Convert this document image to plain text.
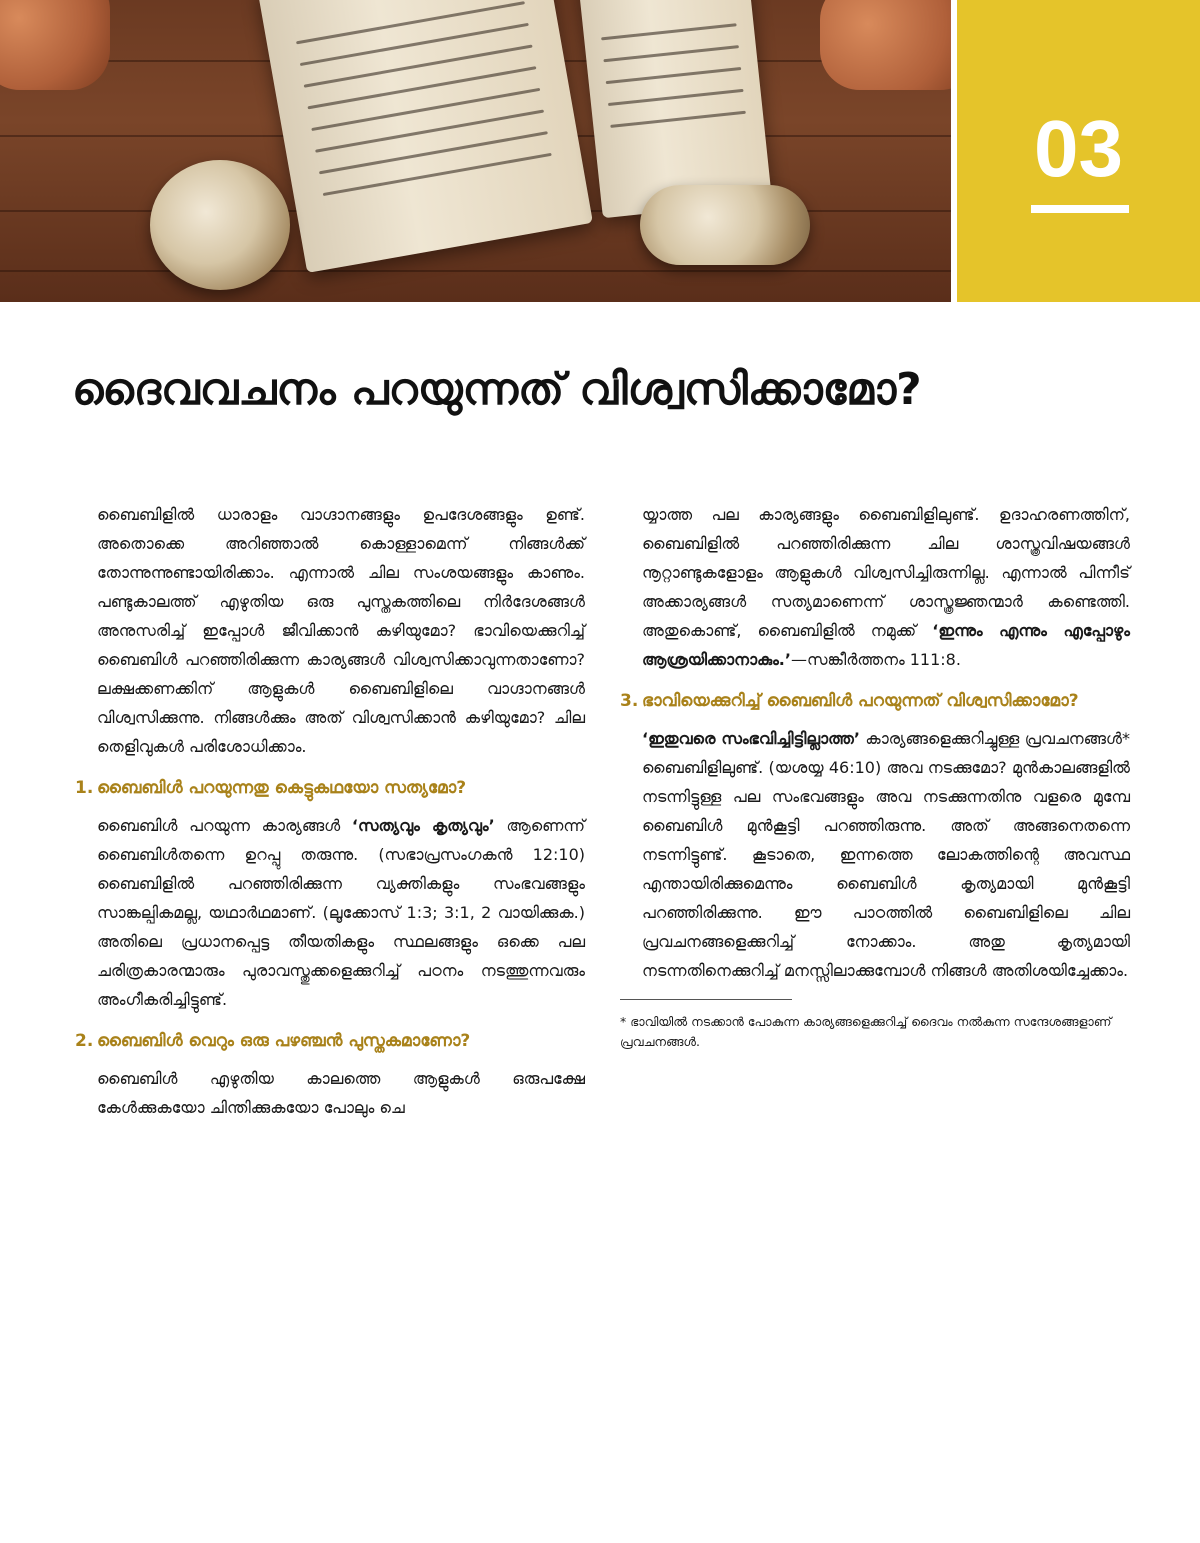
03
ദൈവവചനം പറയുന്നത് വിശ്വസിക്കാമോ?

ബൈബിളിൽ ധാരാളം വാഗ്ദാനങ്ങളും ഉപദേശങ്ങളും ഉണ്ട്. അതൊക്കെ അറിഞ്ഞാൽ കൊള്ളാമെന്ന് നിങ്ങൾക്ക് തോന്നുന്നുണ്ടായിരിക്കാം. എന്നാൽ ചില സംശയങ്ങളും കാണും. പണ്ടുകാലത്ത് എഴുതിയ ഒരു പുസ്തകത്തിലെ നിർദേശങ്ങൾ അനുസരിച്ച് ഇപ്പോൾ ജീവിക്കാൻ കഴിയുമോ? ഭാവിയെക്കുറിച്ച് ബൈബിൾ പറഞ്ഞിരിക്കുന്ന കാര്യങ്ങൾ വിശ്വസിക്കാവുന്നതാണോ? ലക്ഷക്കണക്കിന് ആളുകൾ ബൈബിളിലെ വാഗ്ദാനങ്ങൾ വിശ്വസിക്കുന്നു. നിങ്ങൾക്കും അത് വിശ്വസിക്കാൻ കഴിയുമോ? ചില തെളിവുകൾ പരിശോധിക്കാം.

1. ബൈബിൾ പറയുന്നതു കെട്ടുകഥയോ സത്യമോ?

ബൈബിൾ പറയുന്ന കാര്യങ്ങൾ ‘സത്യവും കൃത്യവും’ ആണെന്ന് ബൈബിൾതന്നെ ഉറപ്പു തരുന്നു. (സഭാപ്രസംഗകൻ 12:10) ബൈബിളിൽ പറഞ്ഞിരിക്കുന്ന വ്യക്തികളും സംഭവങ്ങളും സാങ്കല്പികമല്ല, യഥാർഥമാണ്. (ലൂക്കോസ് 1:3; 3:1, 2 വായിക്കുക.) അതിലെ പ്രധാനപ്പെട്ട തീയതികളും സ്ഥലങ്ങളും ഒക്കെ പല ചരിത്രകാരന്മാരും പുരാവസ്തുക്കളെക്കുറിച്ച് പഠനം നടത്തുന്നവരും അംഗീകരിച്ചിട്ടുണ്ട്.

2. ബൈബിൾ വെറും ഒരു പഴഞ്ചൻ പുസ്തകമാണോ?

ബൈബിൾ എഴുതിയ കാലത്തെ ആളുകൾ ഒരുപക്ഷേ കേൾക്കുകയോ ചിന്തിക്കുകയോ പോലും ചെ

യ്യാത്ത പല കാര്യങ്ങളും ബൈബിളിലുണ്ട്. ഉദാഹരണത്തിന്, ബൈബിളിൽ പറഞ്ഞിരിക്കുന്ന ചില ശാസ്ത്രവിഷയങ്ങൾ നൂറ്റാണ്ടുകളോളം ആളുകൾ വിശ്വസിച്ചിരുന്നില്ല. എന്നാൽ പിന്നീട് അക്കാര്യങ്ങൾ സത്യമാണെന്ന് ശാസ്ത്രജ്ഞന്മാർ കണ്ടെത്തി. അതുകൊണ്ട്, ബൈബിളിൽ നമുക്ക് ‘ഇന്നും എന്നും എപ്പോഴും ആശ്രയിക്കാനാകും.’—സങ്കീർത്തനം 111:8.

3. ഭാവിയെക്കുറിച്ച് ബൈബിൾ പറയുന്നത് വിശ്വസിക്കാമോ?

‘ഇതുവരെ സംഭവിച്ചിട്ടില്ലാത്ത’ കാര്യങ്ങളെക്കുറിച്ചുള്ള പ്രവചനങ്ങൾ* ബൈബിളിലുണ്ട്. (യശയ്യ 46:10) അവ നടക്കുമോ? മുൻകാലങ്ങളിൽ നടന്നിട്ടുള്ള പല സംഭവങ്ങളും അവ നടക്കുന്നതിനു വളരെ മുമ്പേ ബൈബിൾ മുൻകൂട്ടി പറഞ്ഞിരുന്നു. അത് അങ്ങനെതന്നെ നടന്നിട്ടുണ്ട്. കൂടാതെ, ഇന്നത്തെ ലോകത്തിന്റെ അവസ്ഥ എന്തായിരിക്കുമെന്നും ബൈബിൾ കൃത്യമായി മുൻകൂട്ടി പറഞ്ഞിരിക്കുന്നു. ഈ പാഠത്തിൽ ബൈബിളിലെ ചില പ്രവചനങ്ങളെക്കുറിച്ച് നോക്കാം. അതു കൃത്യമായി നടന്നതിനെക്കുറിച്ച് മനസ്സിലാക്കുമ്പോൾ നിങ്ങൾ അതിശയിച്ചേക്കാം.

* ഭാവിയിൽ നടക്കാൻ പോകുന്ന കാര്യങ്ങളെക്കുറിച്ച് ദൈവം നൽകുന്ന സന്ദേശങ്ങളാണ് പ്രവചനങ്ങൾ.
